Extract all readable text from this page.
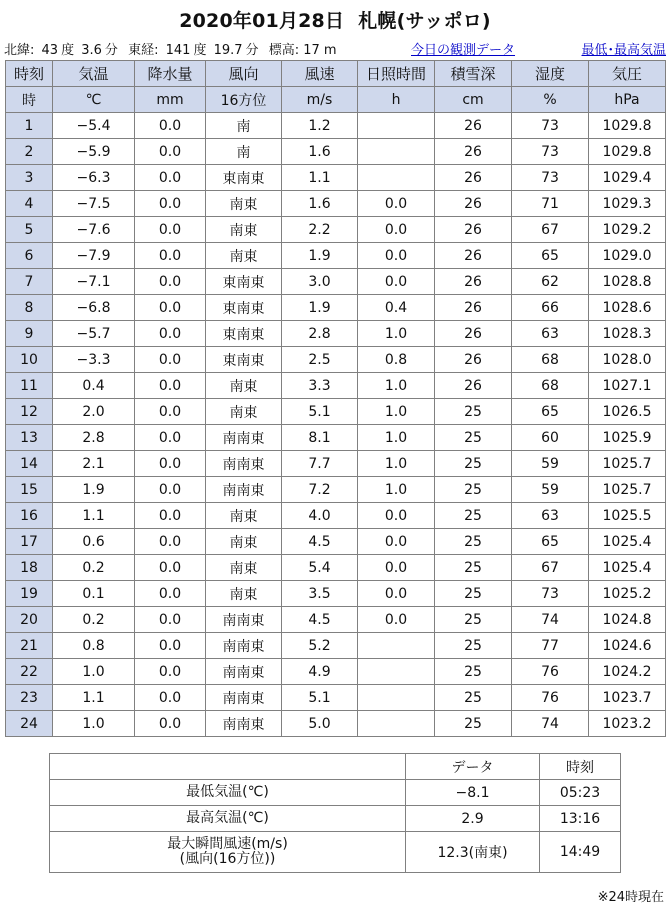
2020年01月28日 札幌(サッポロ)
北緯: 43 度 3.6 分 東経: 141 度 19.7 分 標高: 17 m	今日の観測データ	最低･最高気温
時刻	気温	降水量	風向	風速	日照時間	積雪深	湿度	気圧
時	℃	mm	16方位	m/s	h	cm	%	hPa
1	−5.4	0.0	南	1.2		26	73	1029.8
2	−5.9	0.0	南	1.6		26	73	1029.8
3	−6.3	0.0	東南東	1.1		26	73	1029.4
4	−7.5	0.0	南東	1.6	0.0	26	71	1029.3
5	−7.6	0.0	南東	2.2	0.0	26	67	1029.2
6	−7.9	0.0	南東	1.9	0.0	26	65	1029.0
7	−7.1	0.0	東南東	3.0	0.0	26	62	1028.8
8	−6.8	0.0	東南東	1.9	0.4	26	66	1028.6
9	−5.7	0.0	東南東	2.8	1.0	26	63	1028.3
10	−3.3	0.0	東南東	2.5	0.8	26	68	1028.0
11	0.4	0.0	南東	3.3	1.0	26	68	1027.1
12	2.0	0.0	南東	5.1	1.0	25	65	1026.5
13	2.8	0.0	南南東	8.1	1.0	25	60	1025.9
14	2.1	0.0	南南東	7.7	1.0	25	59	1025.7
15	1.9	0.0	南南東	7.2	1.0	25	59	1025.7
16	1.1	0.0	南東	4.0	0.0	25	63	1025.5
17	0.6	0.0	南東	4.5	0.0	25	65	1025.4
18	0.2	0.0	南東	5.4	0.0	25	67	1025.4
19	0.1	0.0	南東	3.5	0.0	25	73	1025.2
20	0.2	0.0	南南東	4.5	0.0	25	74	1024.8
21	0.8	0.0	南南東	5.2		25	77	1024.6
22	1.0	0.0	南南東	4.9		25	76	1024.2
23	1.1	0.0	南南東	5.1		25	76	1023.7
24	1.0	0.0	南南東	5.0		25	74	1023.2
	データ	時刻
最低気温(℃)	−8.1	05:23
最高気温(℃)	2.9	13:16

最大瞬間風速(m/s)
(風向(16方位))	12.3(南東)	14:49
※24時現在
